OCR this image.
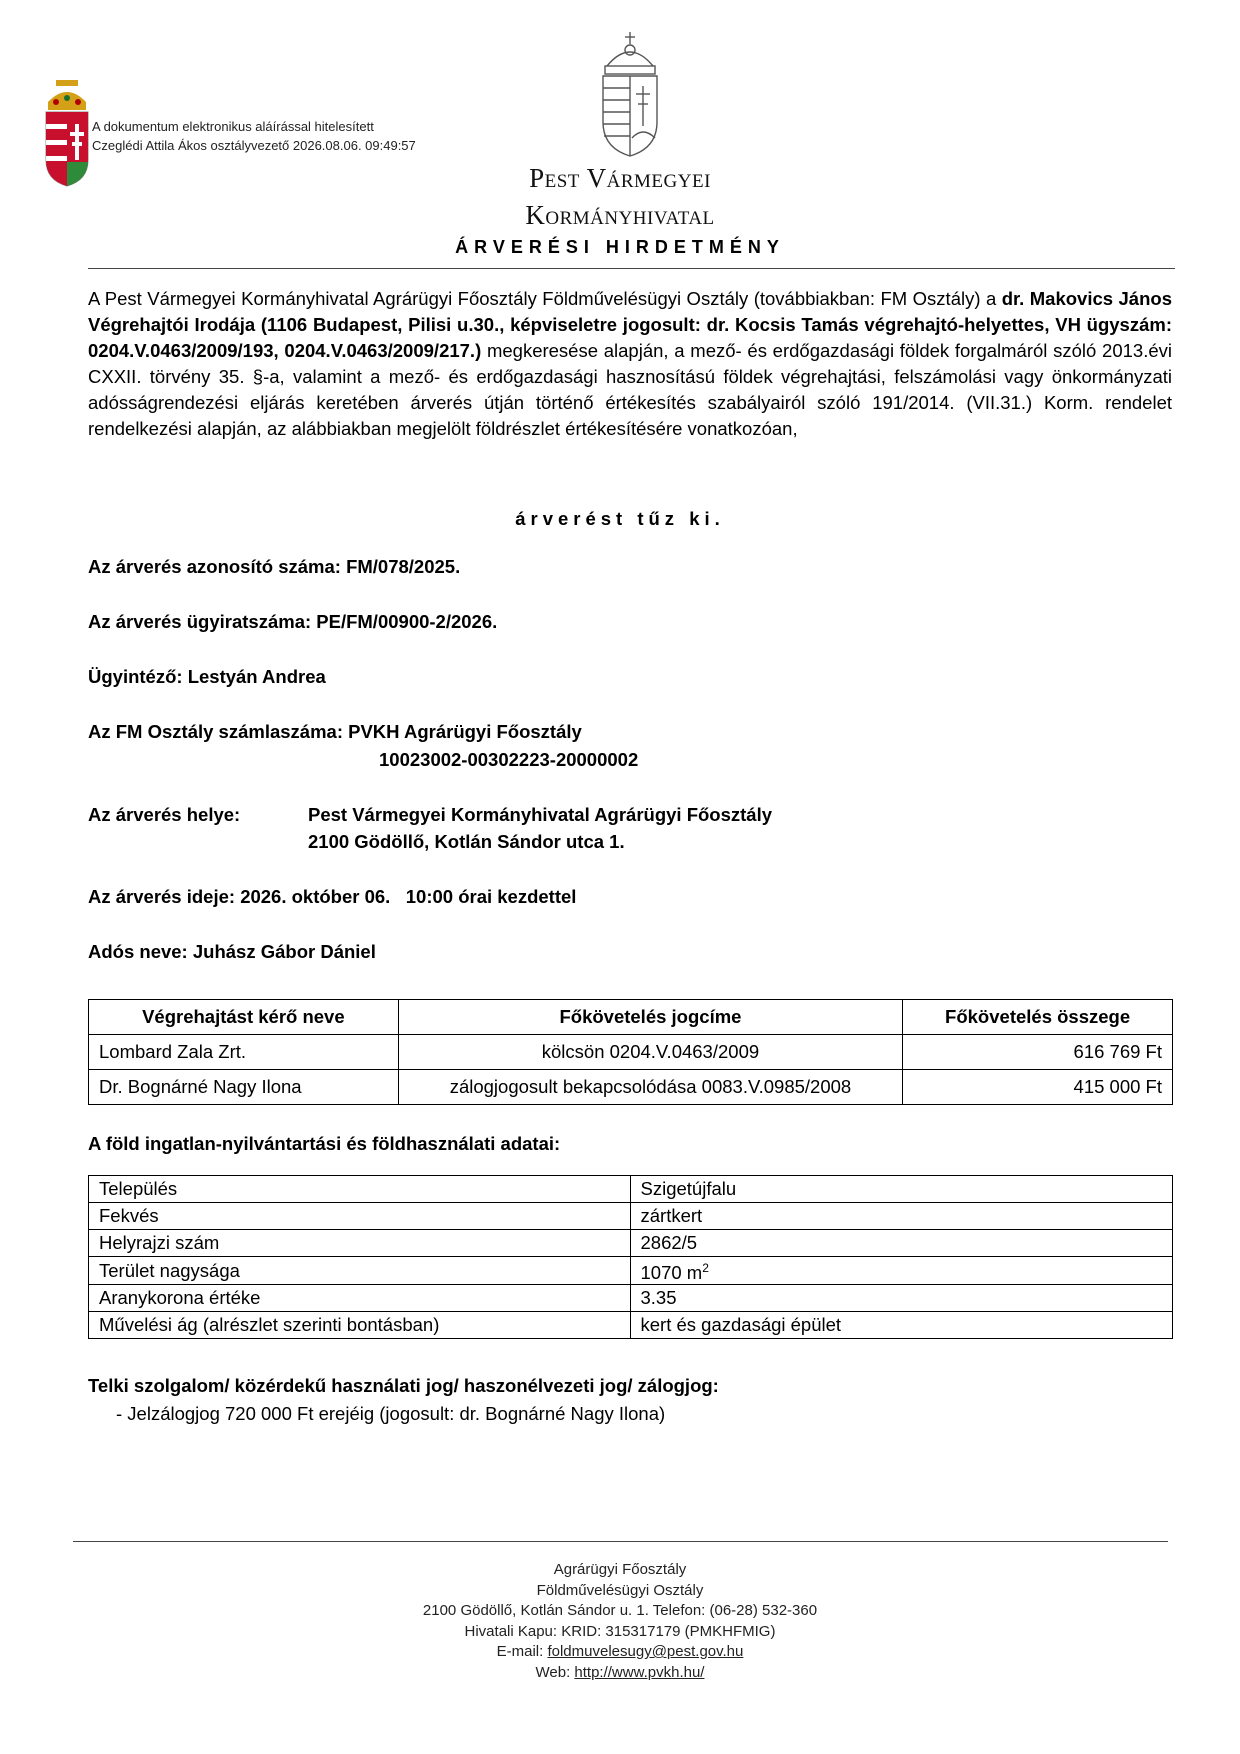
A dokumentum elektronikus aláírással hitelesített
Czeglédi Attila Ákos osztályvezető 2026.08.06. 09:49:57
Pest Vármegyei
Kormányhivatal
ÁRVERÉSI HIRDETMÉNY
A Pest Vármegyei Kormányhivatal Agrárügyi Főosztály Földművelésügyi Osztály (továbbiakban: FM Osztály) a dr. Makovics János Végrehajtói Irodája (1106 Budapest, Pilisi u.30., képviseletre jogosult: dr. Kocsis Tamás végrehajtó-helyettes, VH ügyszám: 0204.V.0463/2009/193, 0204.V.0463/2009/217.) megkeresése alapján, a mező- és erdőgazdasági földek forgalmáról szóló 2013.évi CXXII. törvény 35. §-a, valamint a mező- és erdőgazdasági hasznosítású földek végrehajtási, felszámolási vagy önkormányzati adósságrendezési eljárás keretében árverés útján történő értékesítés szabályairól szóló 191/2014. (VII.31.) Korm. rendelet rendelkezési alapján, az alábbiakban megjelölt földrészlet értékesítésére vonatkozóan,
árverést tűz ki.
Az árverés azonosító száma: FM/078/2025.
Az árverés ügyiratszáma: PE/FM/00900-2/2026.
Ügyintéző: Lestyán Andrea
Az FM Osztály számlaszáma: PVKH Agrárügyi Főosztály
10023002-00302223-20000002
Az árverés helye:	Pest Vármegyei Kormányhivatal Agrárügyi Főosztály
2100 Gödöllő, Kotlán Sándor utca 1.
Az árverés ideje: 2026. október 06.   10:00 órai kezdettel
Adós neve: Juhász Gábor Dániel
Végrehajtást kérő neve	Főkövetelés jogcíme	Főkövetelés összege
Lombard Zala Zrt.	kölcsön 0204.V.0463/2009	616 769 Ft
Dr. Bognárné Nagy Ilona	zálogjogosult bekapcsolódása 0083.V.0985/2008	415 000 Ft
A föld ingatlan-nyilvántartási és földhasználati adatai:
Település	Szigetújfalu
Fekvés	zártkert
Helyrajzi szám	2862/5
Terület nagysága	1070 $m^2$
Aranykorona értéke	3.35
Művelési ág (alrészlet szerinti bontásban)	kert és gazdasági épület
Telki szolgalom/ közérdekű használati jog/ haszonélvezeti jog/ zálogjog:
- Jelzálogjog 720 000 Ft erejéig (jogosult: dr. Bognárné Nagy Ilona)
Agrárügyi Főosztály
Földművelésügyi Osztály
2100 Gödöllő, Kotlán Sándor u. 1. Telefon: (06-28) 532-360
Hivatali Kapu: KRID: 315317179 (PMKHFMIG)
E-mail: foldmuvelesugy@pest.gov.hu
Web: http://www.pvkh.hu/
